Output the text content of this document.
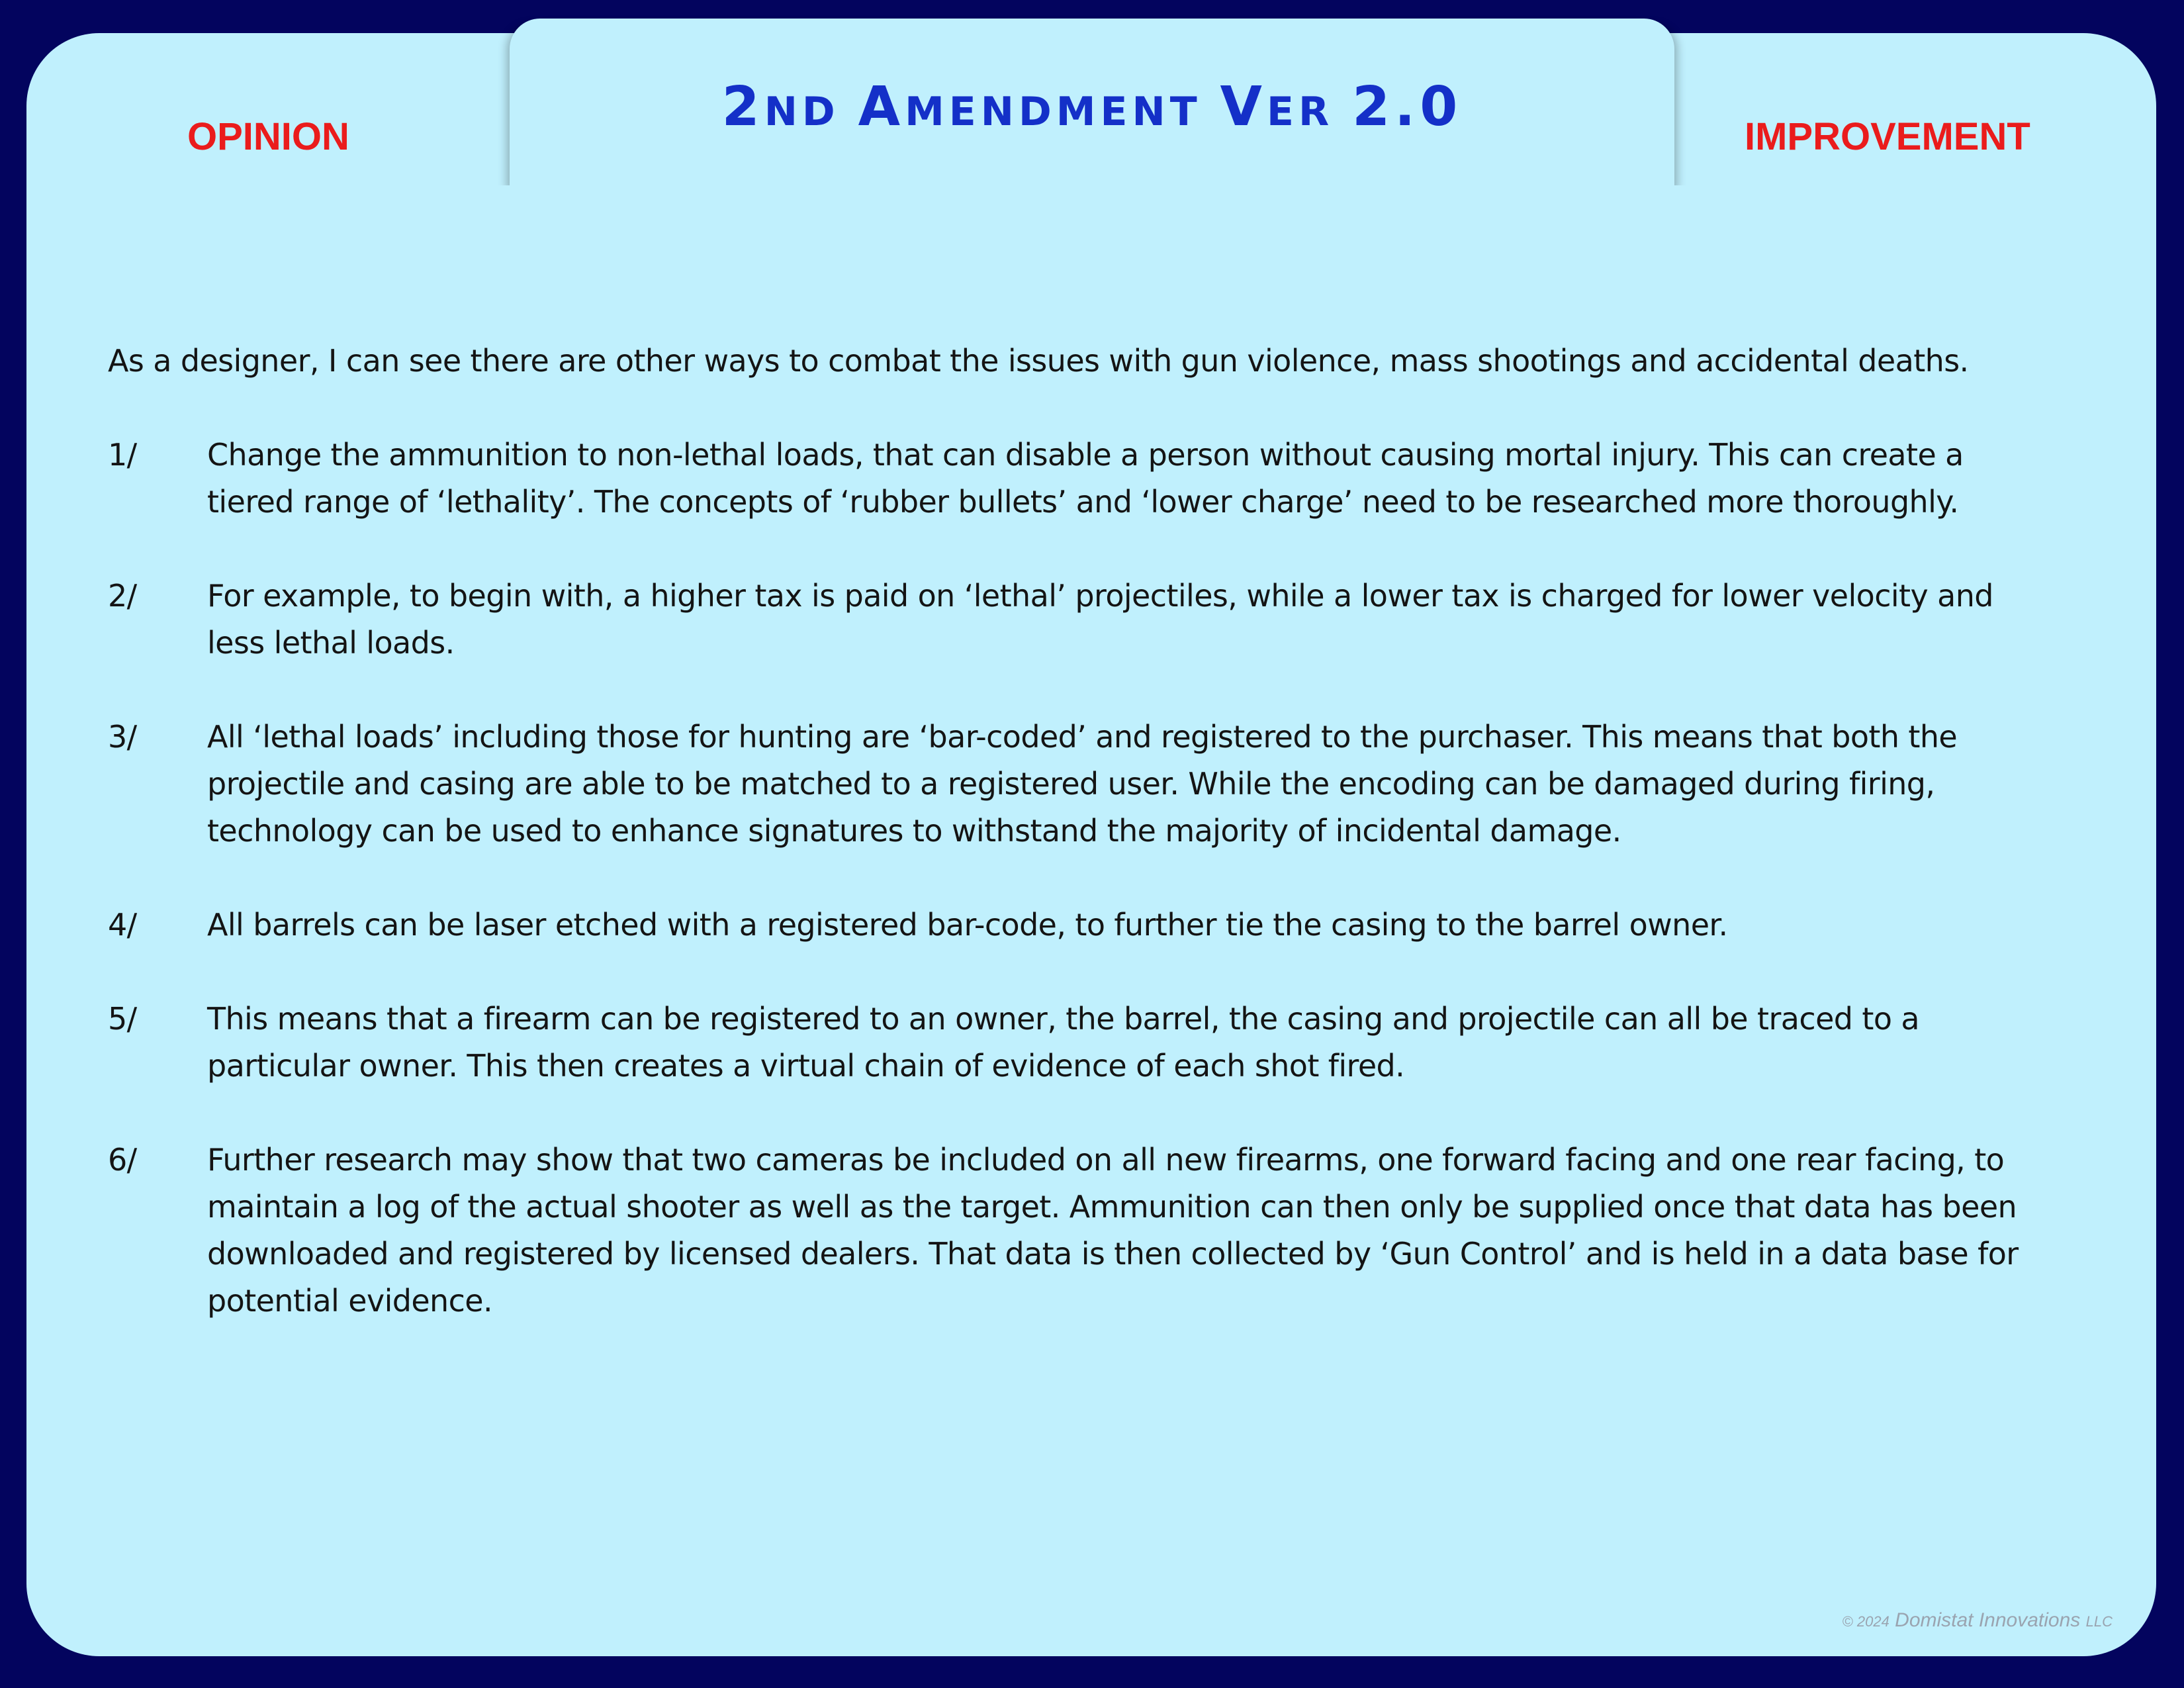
2ND AMENDMENT VER 2.0
OPINION	IMPROVEMENT

As a designer, I can see there are other ways to combat the issues with gun violence, mass shootings and accidental deaths.

1/	Change the ammunition to non-lethal loads, that can disable a person without causing mortal injury. This can create a tiered range of ‘lethality’. The concepts of ‘rubber bullets’ and ‘lower charge’ need to be researched more thoroughly.
2/	For example, to begin with, a higher tax is paid on ‘lethal’ projectiles, while a lower tax is charged for lower velocity and less lethal loads.
3/	All ‘lethal loads’ including those for hunting are ‘bar-coded’ and registered to the purchaser. This means that both the projectile and casing are able to be matched to a registered user. While the encoding can be damaged during firing, technology can be used to enhance signatures to withstand the majority of incidental damage.
4/	All barrels can be laser etched with a registered bar-code, to further tie the casing to the barrel owner.
5/	This means that a firearm can be registered to an owner, the barrel, the casing and projectile can all be traced to a particular owner. This then creates a virtual chain of evidence of each shot fired.
6/	Further research may show that two cameras be included on all new firearms, one forward facing and one rear facing, to maintain a log of the actual shooter as well as the target. Ammunition can then only be supplied once that data has been downloaded and registered by licensed dealers. That data is then collected by ‘Gun Control’ and is held in a data base for potential evidence.
© 2024 Domistat Innovations LLC
